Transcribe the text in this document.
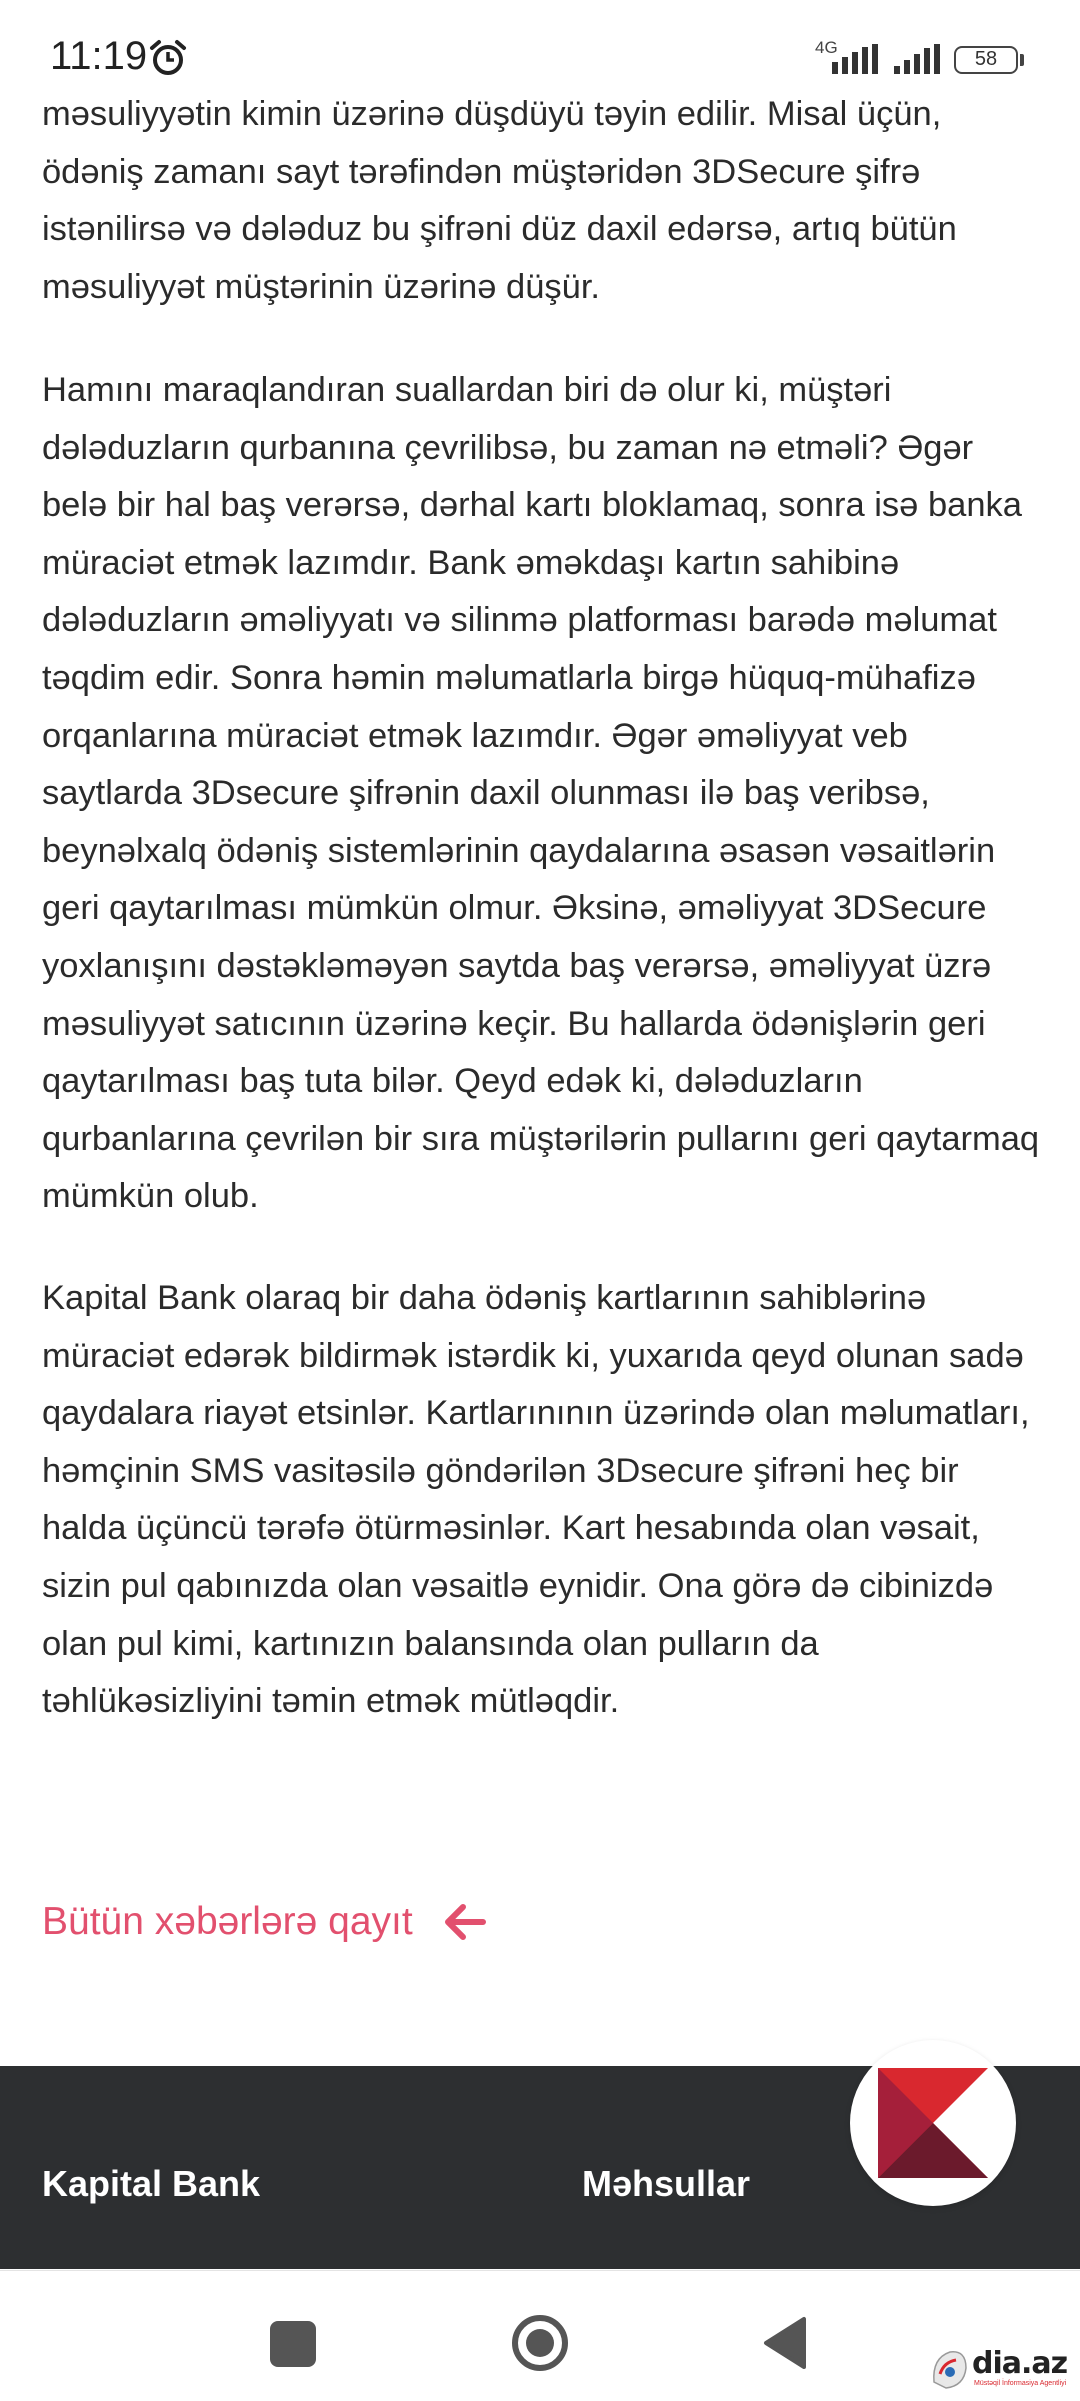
11:19	4G
58

məsuliyyətin kimin üzərinə düşdüyü təyin edilir. Misal üçün, ödəniş zamanı sayt tərəfindən müştəridən 3DSecure şifrə istənilirsə və dələduz bu şifrəni düz daxil edərsə, artıq bütün məsuliyyət müştərinin üzərinə düşür.

Hamını maraqlandıran suallardan biri də olur ki, müştəri dələduzların qurbanına çevrilibsə, bu zaman nə etməli? Əgər belə bir hal baş verərsə, dərhal kartı bloklamaq, sonra isə banka müraciət etmək lazımdır. Bank əməkdaşı kartın sahibinə dələduzların əməliyyatı və silinmə platforması barədə məlumat təqdim edir. Sonra həmin məlumatlarla birgə hüquq-mühafizə orqanlarına müraciət etmək lazımdır. Əgər əməliyyat veb saytlarda 3Dsecure şifrənin daxil olunması ilə baş veribsə, beynəlxalq ödəniş sistemlərinin qaydalarına əsasən vəsaitlərin geri qaytarılması mümkün olmur. Əksinə, əməliyyat 3DSecure yoxlanışını dəstəkləməyən saytda baş verərsə, əməliyyat üzrə məsuliyyət satıcının üzərinə keçir. Bu hallarda ödənişlərin geri qaytarılması baş tuta bilər. Qeyd edək ki, dələduzların qurbanlarına çevrilən bir sıra müştərilərin pullarını geri qaytarmaq mümkün olub.

Kapital Bank olaraq bir daha ödəniş kartlarının sahiblərinə müraciət edərək bildirmək istərdik ki, yuxarıda qeyd olunan sadə qaydalara riayət etsinlər. Kartlarınının üzərində olan məlumatları, həmçinin SMS vasitəsilə göndərilən 3Dsecure şifrəni heç bir halda üçüncü tərəfə ötürməsinlər. Kart hesabında olan vəsait, sizin pul qabınızda olan vəsaitlə eynidir. Ona görə də cibinizdə olan pul kimi, kartınızın balansında olan pulların da təhlükəsizliyini təmin etmək mütləqdir.

Bütün xəbərlərə qayıt
Kapital Bank	Məhsullar
dia.az
Müstəqil İnformasiya Agentliyi
